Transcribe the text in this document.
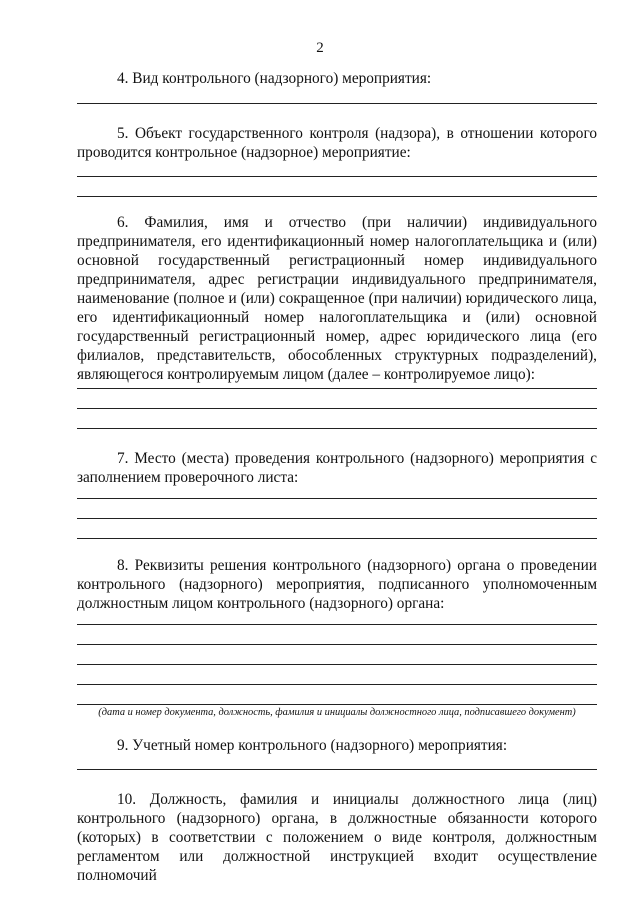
2

4. Вид контрольного (надзорного) мероприятия:

5. Объект государственного контроля (надзора), в отношении которого проводится контрольное (надзорное) мероприятие:

6. Фамилия, имя и отчество (при наличии) индивидуального предпринимателя, его идентификационный номер налогоплательщика и (или) основной государственный регистрационный номер индивидуального предпринимателя, адрес регистрации индивидуального предпринимателя, наименование (полное и (или) сокращенное (при наличии) юридического лица, его идентификационный номер налогоплательщика и (или) основной государственный регистрационный номер, адрес юридического лица (его филиалов, представительств, обособленных структурных подразделений), являющегося контролируемым лицом (далее – контролируемое лицо):

7. Место (места) проведения контрольного (надзорного) мероприятия с заполнением проверочного листа:

8. Реквизиты решения контрольного (надзорного) органа о проведении контрольного (надзорного) мероприятия, подписанного уполномоченным должностным лицом контрольного (надзорного) органа:

(дата и номер документа, должность, фамилия и инициалы должностного лица, подписавшего документ)

9. Учетный номер контрольного (надзорного) мероприятия:

10. Должность, фамилия и инициалы должностного лица (лиц) контрольного (надзорного) органа, в должностные обязанности которого (которых) в соответствии с положением о виде контроля, должностным регламентом или должностной инструкцией входит осуществление полномочий
